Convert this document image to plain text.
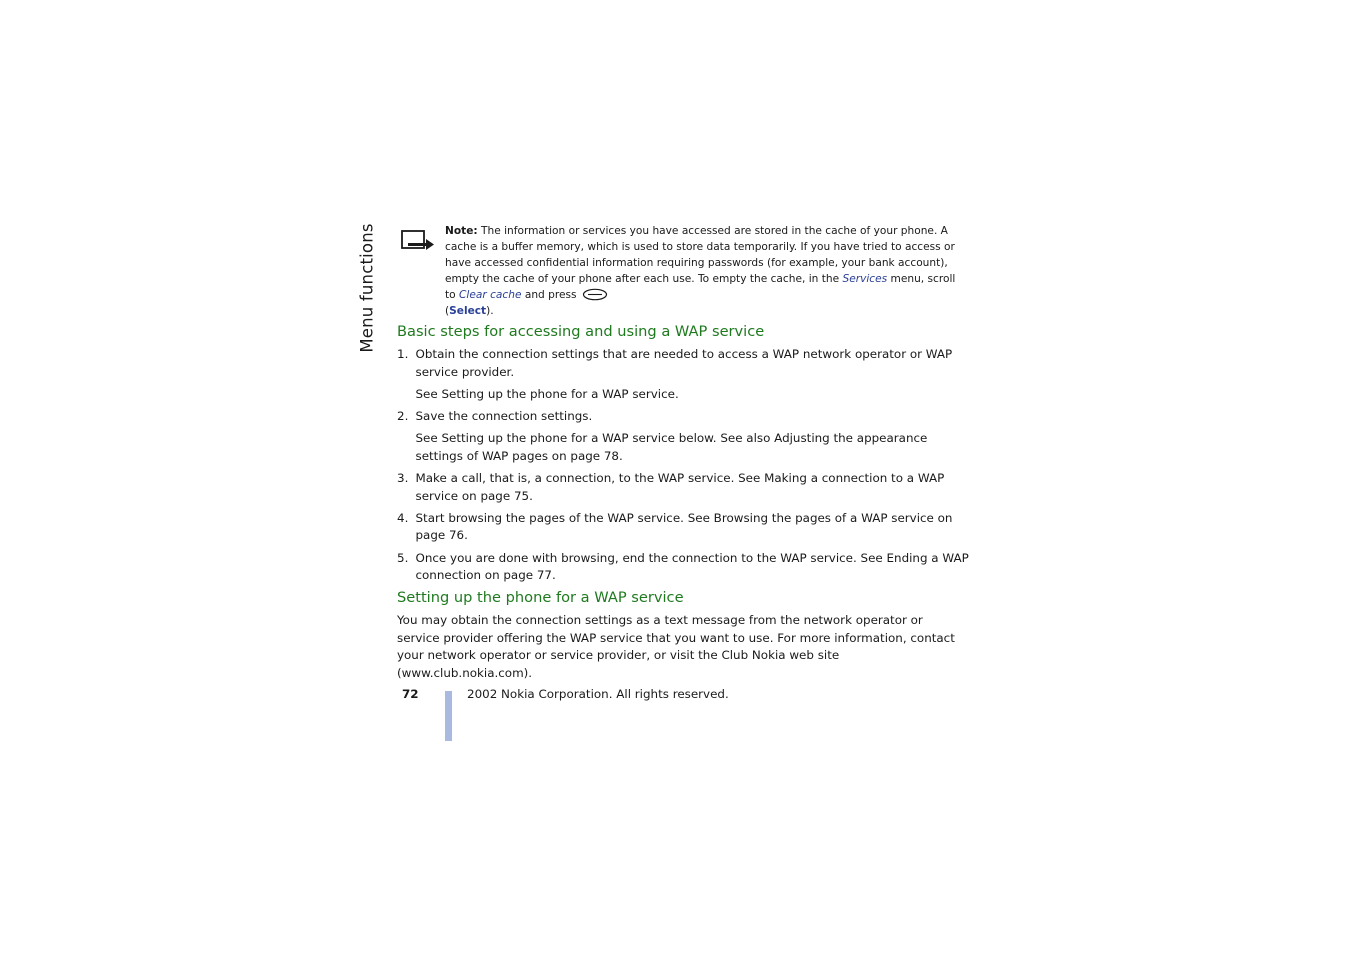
Menu functions	Note: The information or services you have accessed are stored in the cache of your phone. A cache is a buffer memory, which is used to store data temporarily. If you have tried to access or have accessed confidential information requiring passwords (for example, your bank account), empty the cache of your phone after each use. To empty the cache, in the Services menu, scroll to Clear cache and press
(Select).
Basic steps for accessing and using a WAP service
1. Obtain the connection settings that are needed to access a WAP network operator or WAP service provider.
See Setting up the phone for a WAP service.
2. Save the connection settings.
See Setting up the phone for a WAP service below. See also Adjusting the appearance settings of WAP pages on page 78.
3. Make a call, that is, a connection, to the WAP service. See Making a connection to a WAP service on page 75.
4. Start browsing the pages of the WAP service. See Browsing the pages of a WAP service on page 76.
5. Once you are done with browsing, end the connection to the WAP service. See Ending a WAP connection on page 77.
Setting up the phone for a WAP service
You may obtain the connection settings as a text message from the network operator or service provider offering the WAP service that you want to use. For more information, contact your network operator or service provider, or visit the Club Nokia web site (www.club.nokia.com).
72	2002 Nokia Corporation. All rights reserved.
